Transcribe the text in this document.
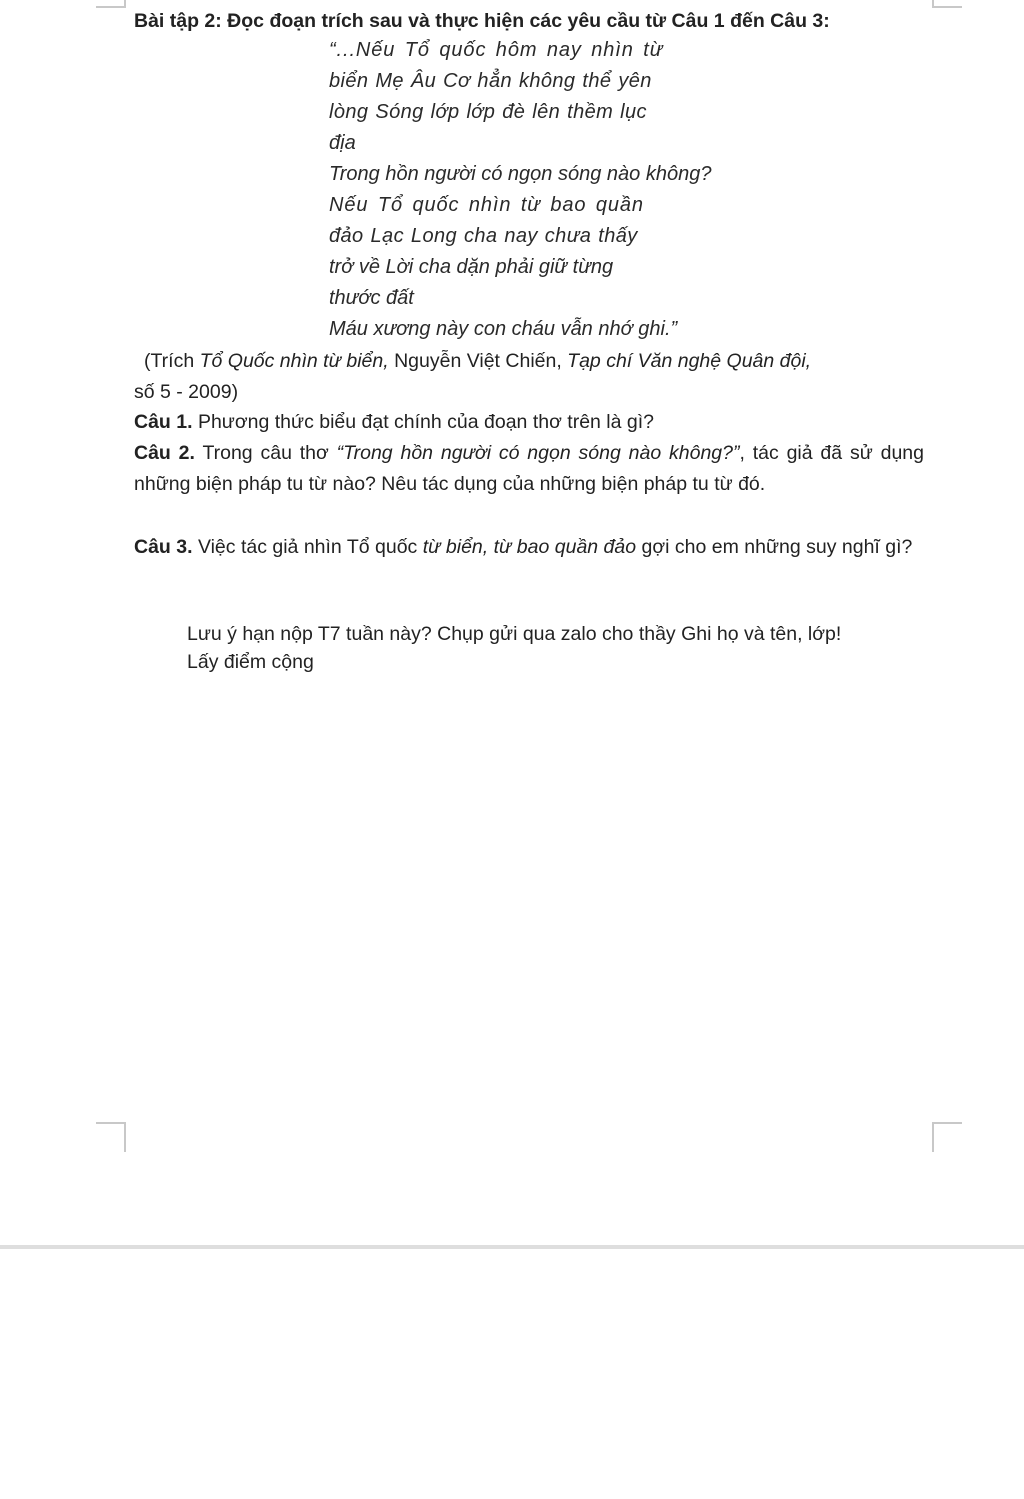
Bài tập 2: Đọc đoạn trích sau và thực hiện các yêu cầu từ Câu 1 đến Câu 3:
“...Nếu Tổ quốc hôm nay nhìn từ
biển Mẹ Âu Cơ hẳn không thể yên
lòng Sóng lớp lớp đè lên thềm lục
địa
Trong hồn người có ngọn sóng nào không?
Nếu Tổ quốc nhìn từ bao quần
đảo Lạc Long cha nay chưa thấy
trở về Lời cha dặn phải giữ từng
thước đất
Máu xương này con cháu vẫn nhớ ghi.”
(Trích Tổ Quốc nhìn từ biển, Nguyễn Việt Chiến, Tạp chí Văn nghệ Quân đội,
số 5 - 2009)

Câu 1. Phương thức biểu đạt chính của đoạn thơ trên là gì?

Câu 2. Trong câu thơ “Trong hồn người có ngọn sóng nào không?”, tác giả đã sử dụng những biện pháp tu từ nào? Nêu tác dụng của những biện pháp tu từ đó.

Câu 3. Việc tác giả nhìn Tổ quốc từ biển, từ bao quần đảo gợi cho em những suy nghĩ gì?

Lưu ý hạn nộp T7 tuần này? Chụp gửi qua zalo cho thầy Ghi họ và tên, lớp!
Lấy điểm cộng
